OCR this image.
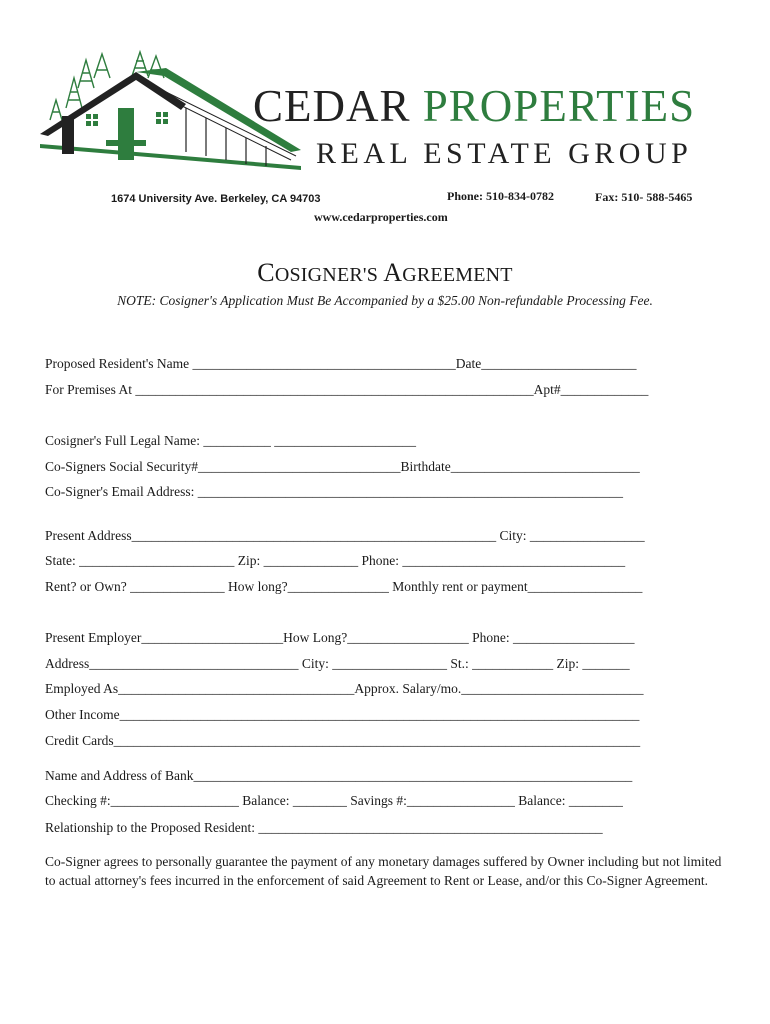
CEDAR PROPERTIES
REAL ESTATE GROUP
1674 University Ave. Berkeley, CA 94703	Phone: 510-834-0782	Fax: 510- 588-5465
www.cedarproperties.com
COSIGNER'S AGREEMENT
NOTE: Cosigner's Application Must Be Accompanied by a $25.00 Non-refundable Processing Fee.
Proposed Resident's Name _______________________________________Date_______________________
For Premises At ___________________________________________________________Apt#_____________
Cosigner's Full Legal Name: __________ _____________________
Co-Signers Social Security#______________________________Birthdate____________________________
Co-Signer's Email Address: _______________________________________________________________
Present Address______________________________________________________ City: _________________
State: _______________________ Zip: ______________ Phone: _________________________________
Rent? or Own? ______________ How long?_______________ Monthly rent or payment_________________
Present Employer_____________________How Long?__________________ Phone: __________________
Address_______________________________ City: _________________ St.: ____________ Zip: _______
Employed As___________________________________Approx. Salary/mo.___________________________
Other Income_____________________________________________________________________________
Credit Cards______________________________________________________________________________
Name and Address of Bank_________________________________________________________________
Checking #:___________________ Balance: ________ Savings #:________________ Balance: ________
Relationship to the Proposed Resident: ___________________________________________________
Co-Signer agrees to personally guarantee the payment of any monetary damages suffered by Owner including but not limited to actual attorney's fees incurred in the enforcement of said Agreement to Rent or Lease, and/or this Co-Signer Agreement.
